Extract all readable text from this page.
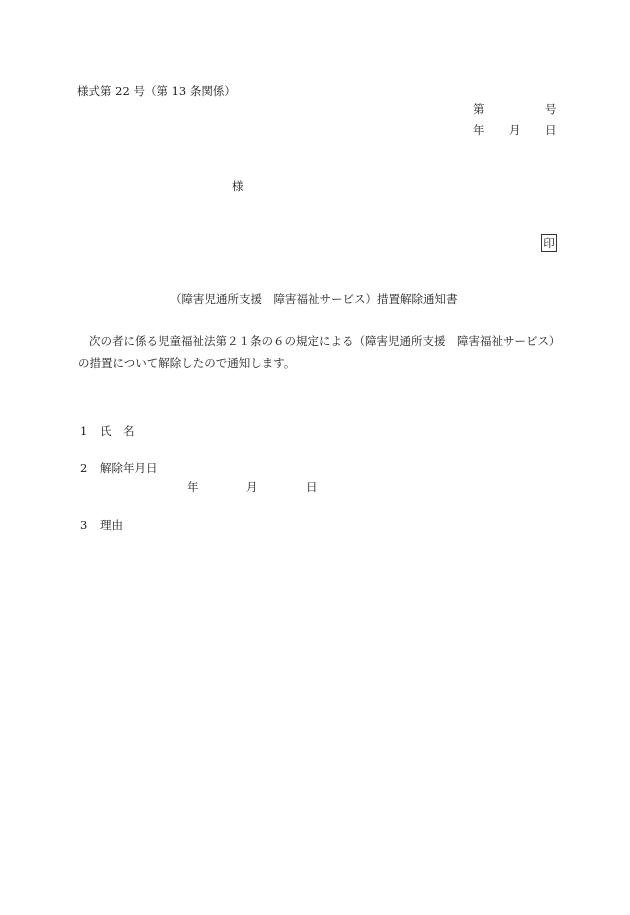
様式第 22 号（第 13 条関係）
第	号
年 月 日
様
印
（障害児通所支援　障害福祉サービス）措置解除通知書
次の者に係る児童福祉法第２１条の６の規定による（障害児通所支援　障害福祉サービス）の措置について解除したので通知します。
1 氏　名
2 解除年月日
年	月	日
3 理由
